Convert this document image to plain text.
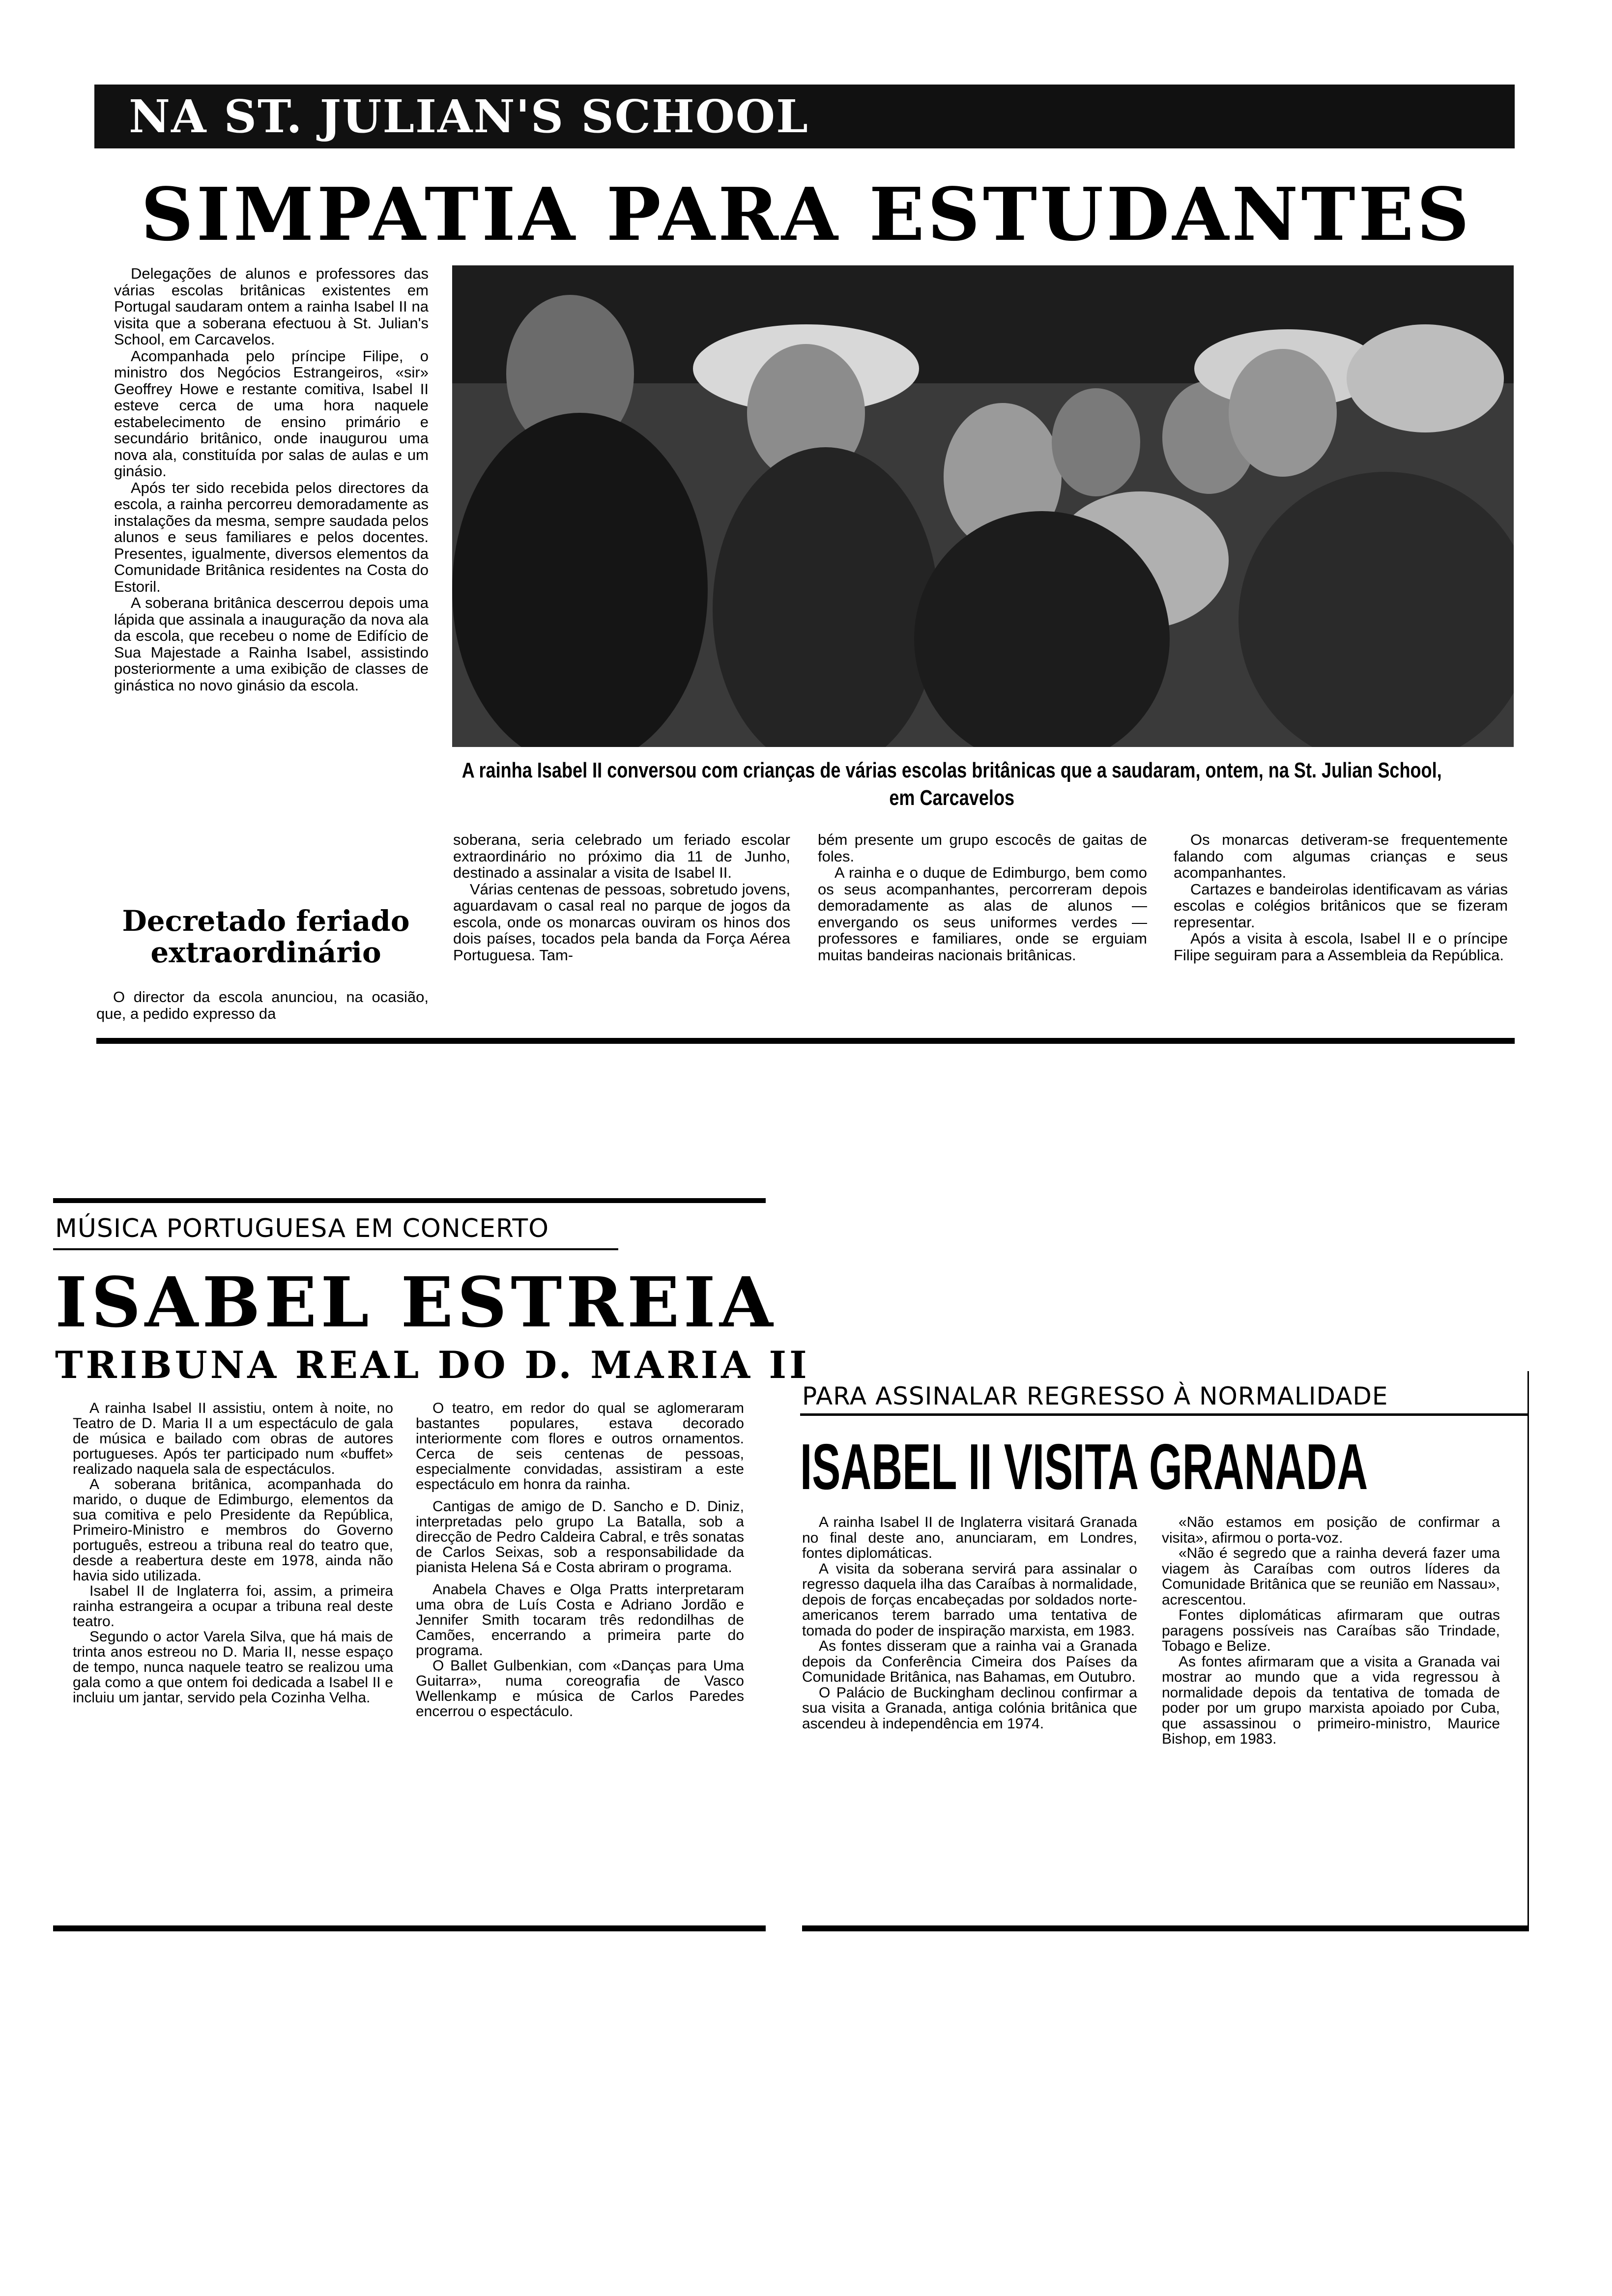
NA ST. JULIAN'S SCHOOL
SIMPATIA PARA ESTUDANTES

Delegações de alunos e professores das várias escolas britânicas existentes em Portugal saudaram ontem a rainha Isabel II na visita que a soberana efectuou à St. Julian's School, em Carcavelos.

Acompanhada pelo príncipe Filipe, o ministro dos Negócios Estrangeiros, «sir» Geoffrey Howe e restante comitiva, Isabel II esteve cerca de uma hora naquele estabelecimento de ensino primário e secundário britânico, onde inaugurou uma nova ala, constituída por salas de aulas e um ginásio.

Após ter sido recebida pelos directores da escola, a rainha percorreu demoradamente as instalações da mesma, sempre saudada pelos alunos e seus familiares e pelos docentes. Presentes, igualmente, diversos elementos da Comunidade Britânica residentes na Costa do Estoril.

A soberana britânica descerrou depois uma lápida que assinala a inauguração da nova ala da escola, que recebeu o nome de Edifício de Sua Majestade a Rainha Isabel, assistindo posteriormente a uma exibição de classes de ginástica no novo ginásio da escola.

Decretado feriado extraordinário

O director da escola anunciou, na ocasião, que, a pedido expresso da

A rainha Isabel II conversou com crianças de várias escolas britânicas que a saudaram, ontem, na St. Julian School, em Carcavelos

soberana, seria celebrado um feriado escolar extraordinário no próximo dia 11 de Junho, destinado a assinalar a visita de Isabel II.

Várias centenas de pessoas, sobretudo jovens, aguardavam o casal real no parque de jogos da escola, onde os monarcas ouviram os hinos dos dois países, tocados pela banda da Força Aérea Portuguesa. Tam-

bém presente um grupo escocês de gaitas de foles.

A rainha e o duque de Edimburgo, bem como os seus acompanhantes, percorreram depois demoradamente as alas de alunos — envergando os seus uniformes verdes — professores e familiares, onde se erguiam muitas bandeiras nacionais britânicas.

Os monarcas detiveram-se frequentemente falando com algumas crianças e seus acompanhantes.

Cartazes e bandeirolas identificavam as várias escolas e colégios britânicos que se fizeram representar.

Após a visita à escola, Isabel II e o príncipe Filipe seguiram para a Assembleia da República.

MÚSICA PORTUGUESA EM CONCERTO
ISABEL ESTREIA
TRIBUNA REAL DO D. MARIA II

A rainha Isabel II assistiu, ontem à noite, no Teatro de D. Maria II a um espectáculo de gala de música e bailado com obras de autores portugueses. Após ter participado num «buffet» realizado naquela sala de espectáculos.

A soberana britânica, acompanhada do marido, o duque de Edimburgo, elementos da sua comitiva e pelo Presidente da República, Primeiro-Ministro e membros do Governo português, estreou a tribuna real do teatro que, desde a reabertura deste em 1978, ainda não havia sido utilizada.

Isabel II de Inglaterra foi, assim, a primeira rainha estrangeira a ocupar a tribuna real deste teatro.

Segundo o actor Varela Silva, que há mais de trinta anos estreou no D. Maria II, nesse espaço de tempo, nunca naquele teatro se realizou uma gala como a que ontem foi dedicada a Isabel II e incluiu um jantar, servido pela Cozinha Velha.

O teatro, em redor do qual se aglomeraram bastantes populares, estava decorado interiormente com flores e outros ornamentos. Cerca de seis centenas de pessoas, especialmente convidadas, assistiram a este espectáculo em honra da rainha.

Cantigas de amigo de D. Sancho e D. Diniz, interpretadas pelo grupo La Batalla, sob a direcção de Pedro Caldeira Cabral, e três sonatas de Carlos Seixas, sob a responsabilidade da pianista Helena Sá e Costa abriram o programa.

Anabela Chaves e Olga Pratts interpretaram uma obra de Luís Costa e Adriano Jordão e Jennifer Smith tocaram três redondilhas de Camões, encerrando a primeira parte do programa.

O Ballet Gulbenkian, com «Danças para Uma Guitarra», numa coreografia de Vasco Wellenkamp e música de Carlos Paredes encerrou o espectáculo.

PARA ASSINALAR REGRESSO À NORMALIDADE
ISABEL II VISITA GRANADA

A rainha Isabel II de Inglaterra visitará Granada no final deste ano, anunciaram, em Londres, fontes diplomáticas.

A visita da soberana servirá para assinalar o regresso daquela ilha das Caraíbas à normalidade, depois de forças encabeçadas por soldados norte-americanos terem barrado uma tentativa de tomada do poder de inspiração marxista, em 1983.

As fontes disseram que a rainha vai a Granada depois da Conferência Cimeira dos Países da Comunidade Britânica, nas Bahamas, em Outubro.

O Palácio de Buckingham declinou confirmar a sua visita a Granada, antiga colónia britânica que ascendeu à independência em 1974.

«Não estamos em posição de confirmar a visita», afirmou o porta-voz.

«Não é segredo que a rainha deverá fazer uma viagem às Caraíbas com outros líderes da Comunidade Britânica que se reunião em Nassau», acrescentou.

Fontes diplomáticas afirmaram que outras paragens possíveis nas Caraíbas são Trindade, Tobago e Belize.

As fontes afirmaram que a visita a Granada vai mostrar ao mundo que a vida regressou à normalidade depois da tentativa de tomada de poder por um grupo marxista apoiado por Cuba, que assassinou o primeiro-ministro, Maurice Bishop, em 1983.
